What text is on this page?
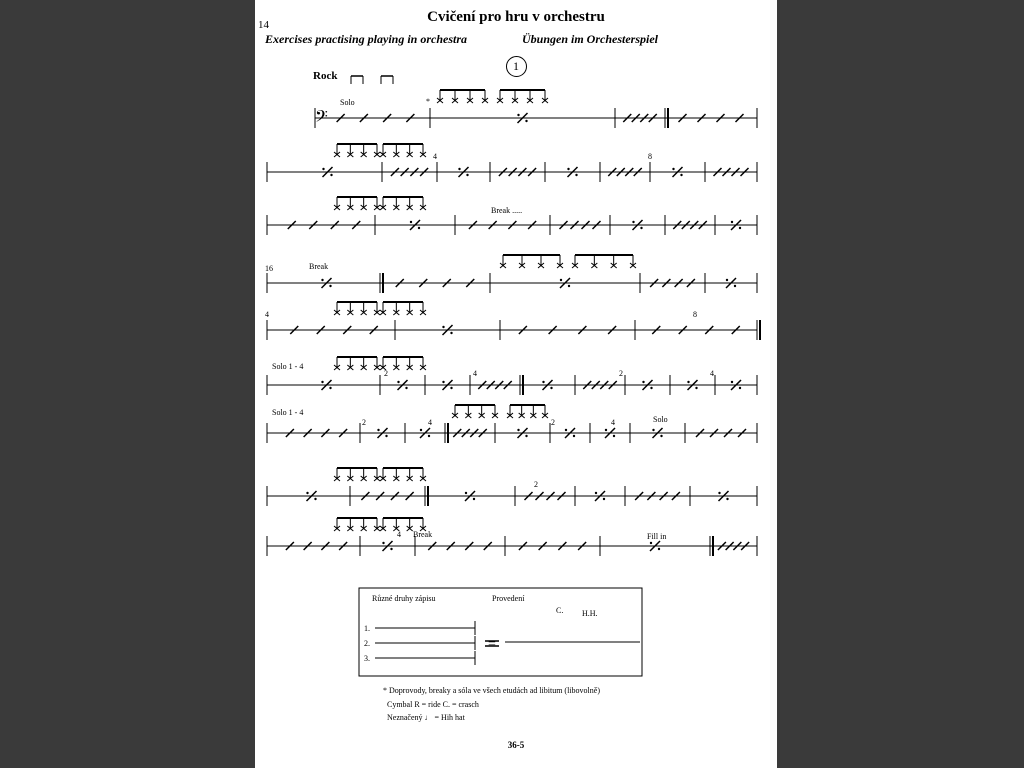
𝄢
14	Cvičení pro hru v orchestru
Exercises practising playing in orchestra	Übungen im Orchesterspiel
1
Rock
Solo	*
4	8
Break .....
16	Break
4	8
Solo 1 - 4
2	4	2	4
Solo 1 - 4
2	4	2	4	Solo
2
4 Break	Fill in
Různé druhy zápisu	Provedení
1.
2.
3.
=
C. H.H.
* Doprovody, breaky a sóla ve všech etudách ad libitum (libovolně)
Cymbal R = ride C. = crasch
Neznačený ♩ = Hih hat
36-5
